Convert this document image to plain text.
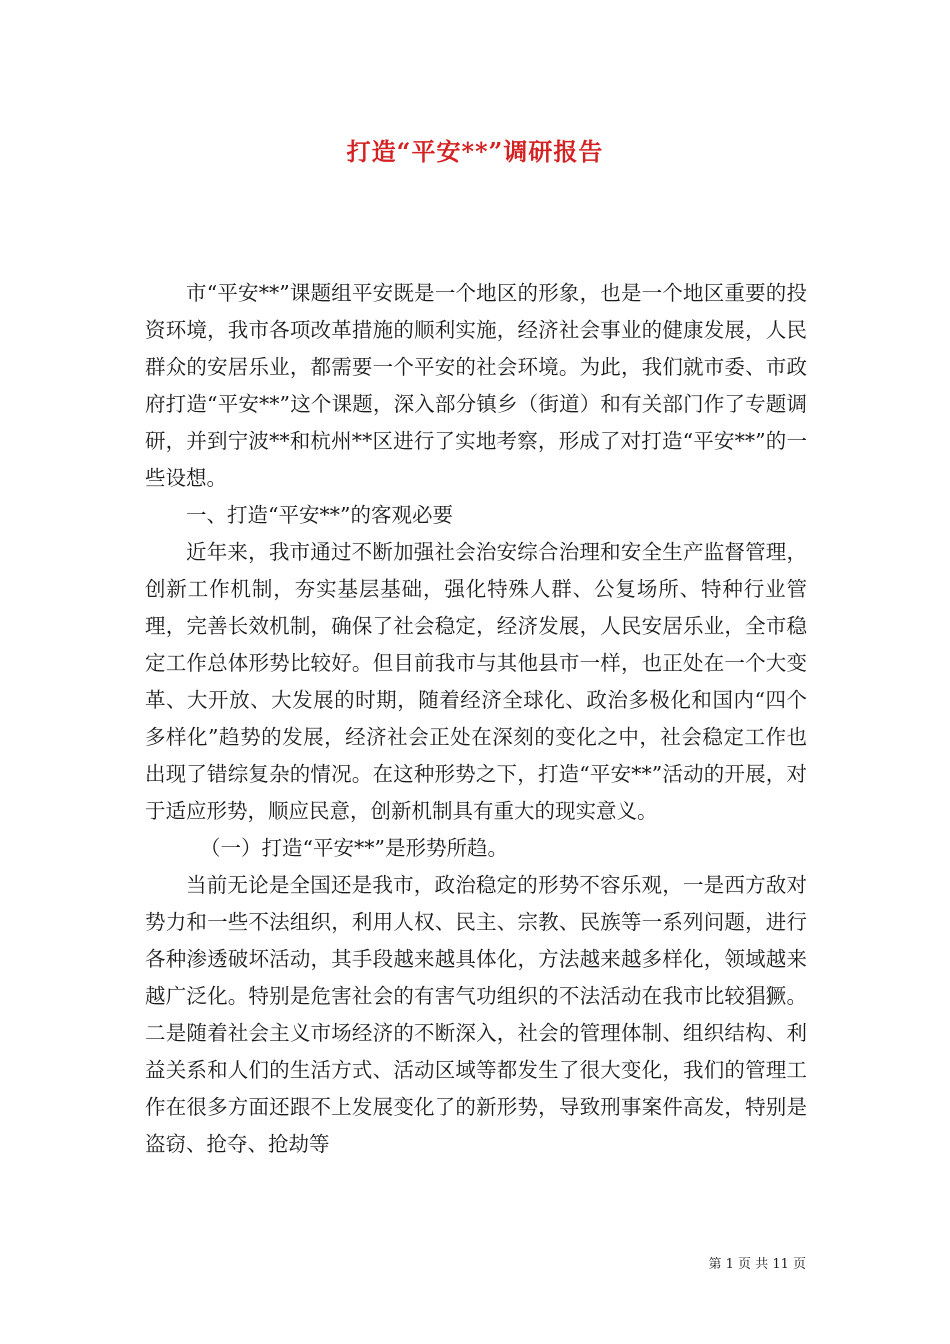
打造“平安**”调研报告

市“平安**”课题组平安既是一个地区的形象，也是一个地区重要的投资环境，我市各项改革措施的顺利实施，经济社会事业的健康发展，人民群众的安居乐业，都需要一个平安的社会环境。为此，我们就市委、市政府打造“平安**”这个课题，深入部分镇乡（街道）和有关部门作了专题调研，并到宁波**和杭州**区进行了实地考察，形成了对打造“平安**”的一些设想。

一、打造“平安**”的客观必要

近年来，我市通过不断加强社会治安综合治理和安全生产监督管理，创新工作机制，夯实基层基础，强化特殊人群、公复场所、特种行业管理，完善长效机制，确保了社会稳定，经济发展，人民安居乐业，全市稳定工作总体形势比较好。但目前我市与其他县市一样，也正处在一个大变革、大开放、大发展的时期，随着经济全球化、政治多极化和国内“四个多样化”趋势的发展，经济社会正处在深刻的变化之中，社会稳定工作也出现了错综复杂的情况。在这种形势之下，打造“平安**”活动的开展，对于适应形势，顺应民意，创新机制具有重大的现实意义。

（一）打造“平安**”是形势所趋。

当前无论是全国还是我市，政治稳定的形势不容乐观，一是西方敌对势力和一些不法组织，利用人权、民主、宗教、民族等一系列问题，进行各种渗透破坏活动，其手段越来越具体化，方法越来越多样化，领域越来越广泛化。特别是危害社会的有害气功组织的不法活动在我市比较猖獗。二是随着社会主义市场经济的不断深入，社会的管理体制、组织结构、利益关系和人们的生活方式、活动区域等都发生了很大变化，我们的管理工作在很多方面还跟不上发展变化了的新形势，导致刑事案件高发，特别是盗窃、抢夺、抢劫等

第 1 页 共 11 页
